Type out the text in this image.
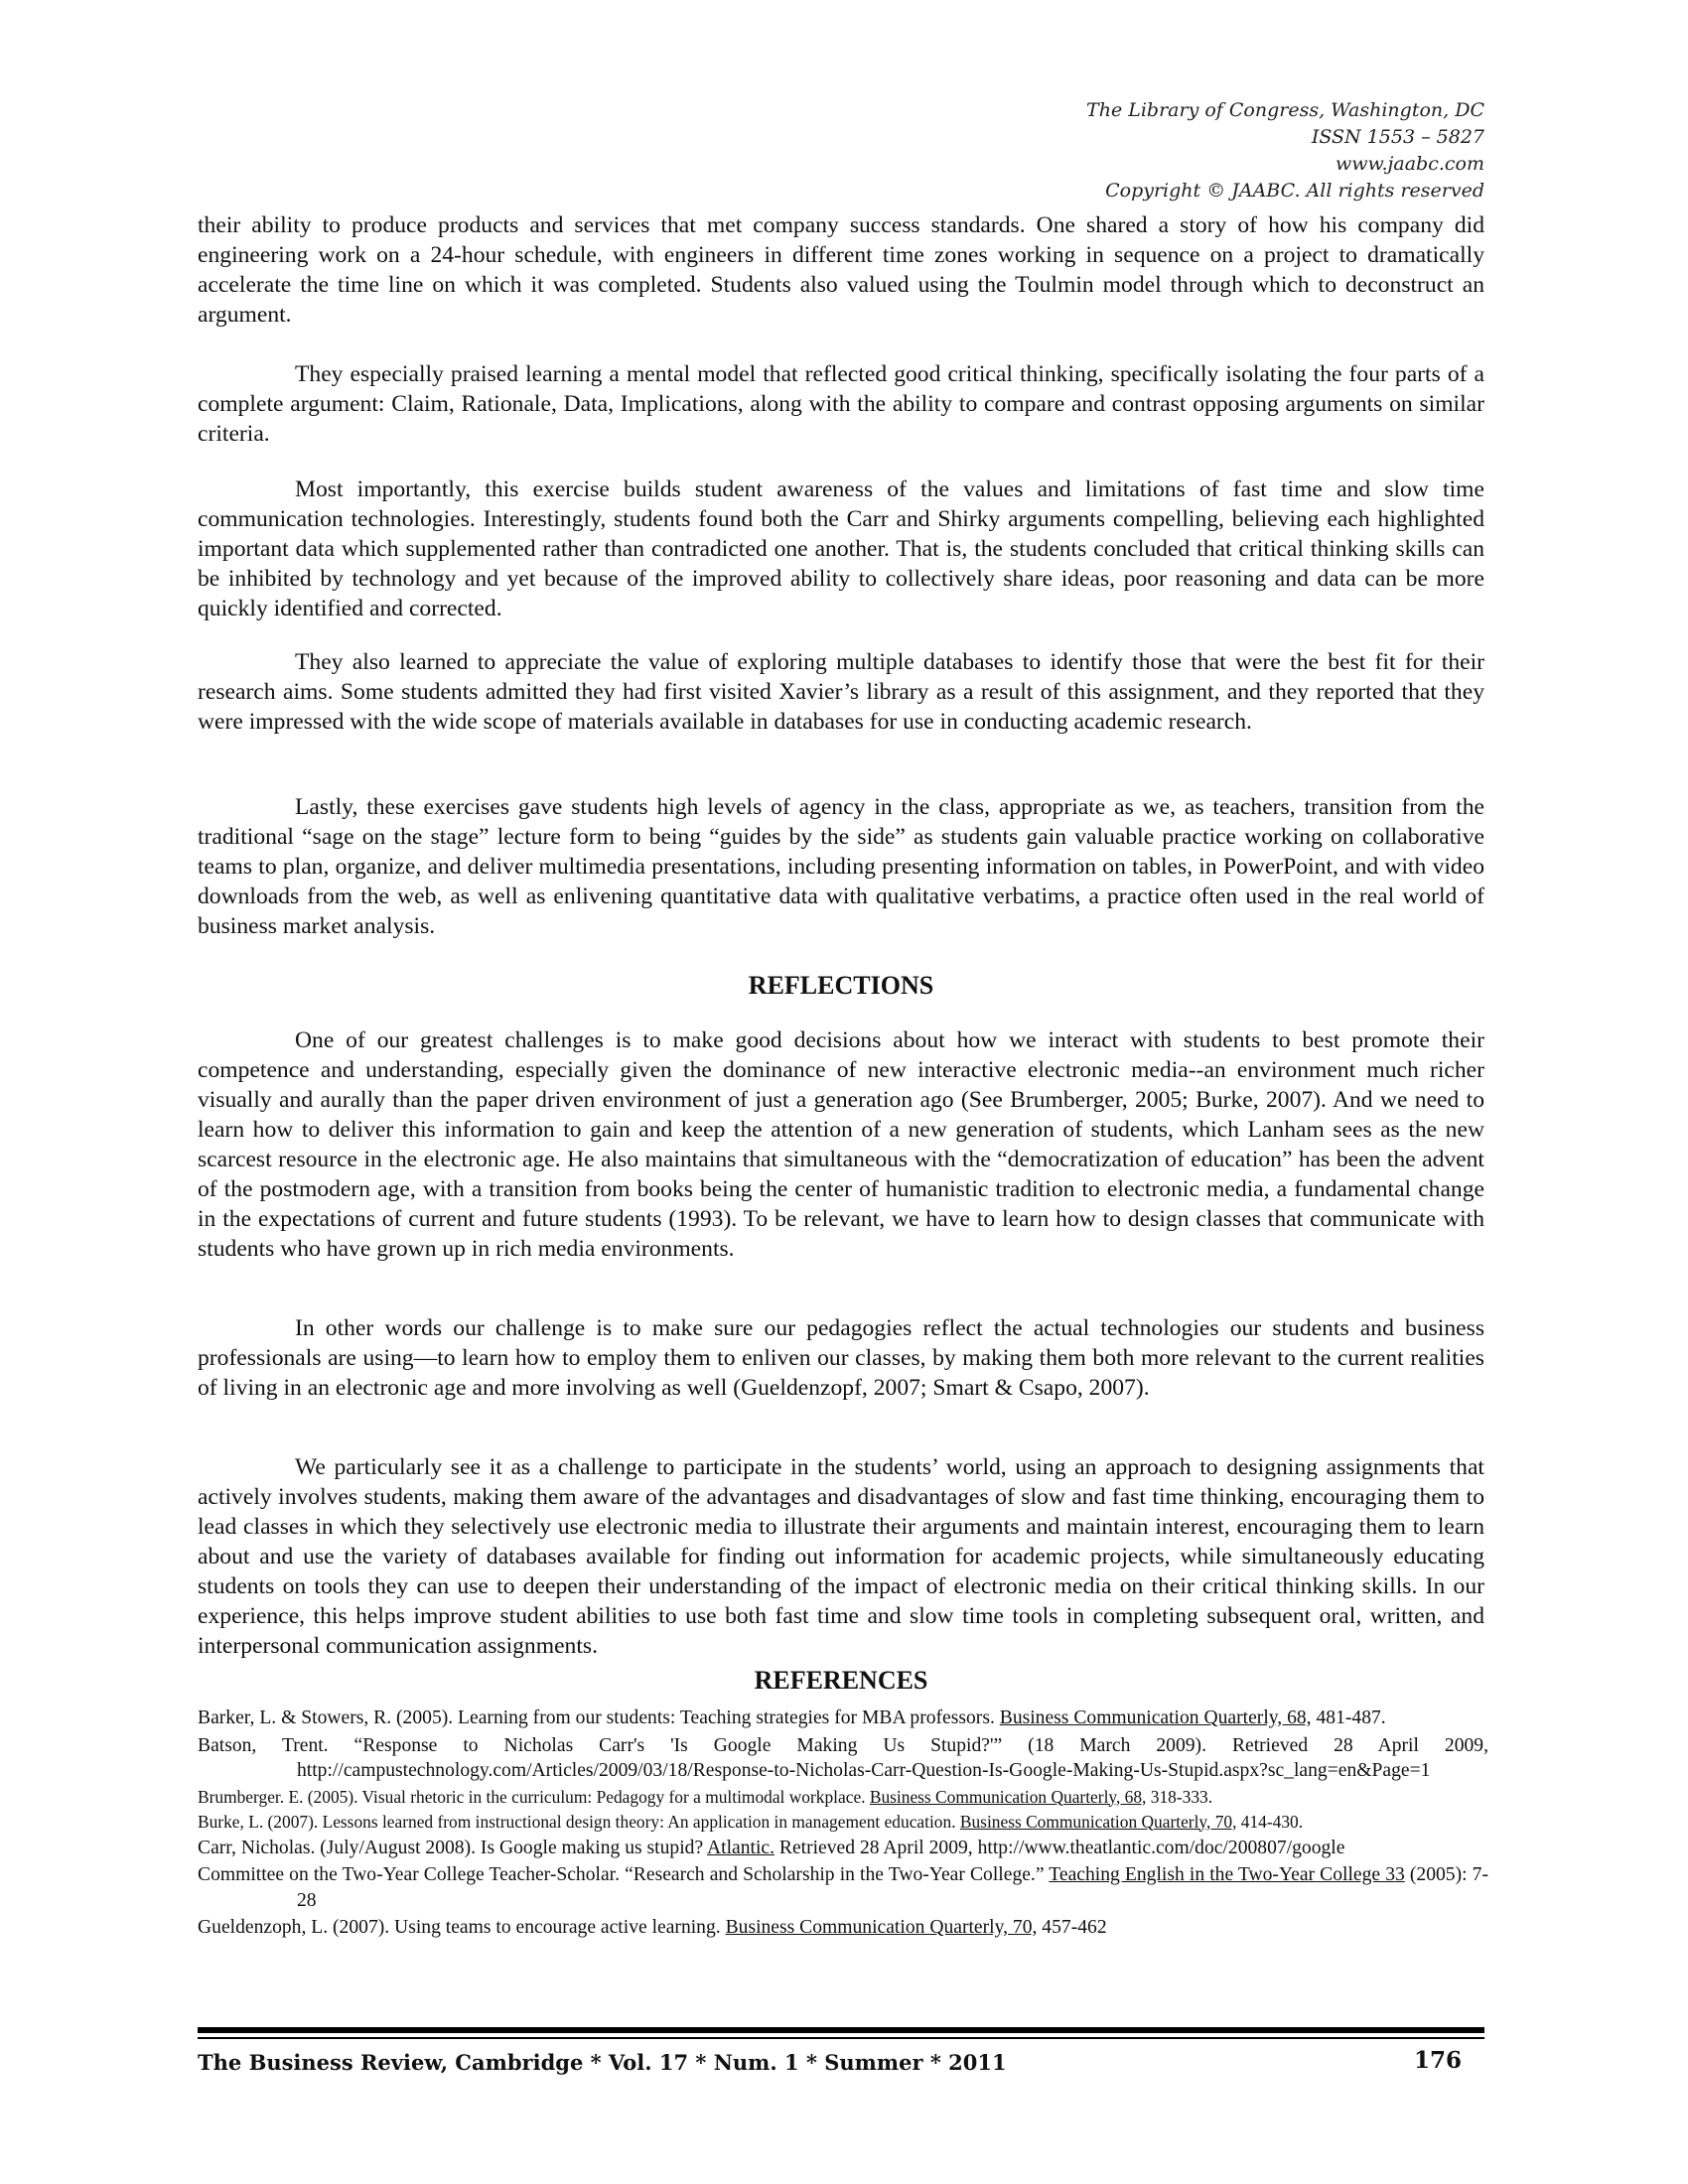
The Library of Congress, Washington, DC
ISSN 1553 – 5827
www.jaabc.com
Copyright © JAABC. All rights reserved

their ability to produce products and services that met company success standards. One shared a story of how his company did engineering work on a 24-hour schedule, with engineers in different time zones working in sequence on a project to dramatically accelerate the time line on which it was completed. Students also valued using the Toulmin model through which to deconstruct an argument.

They especially praised learning a mental model that reflected good critical thinking, specifically isolating the four parts of a complete argument: Claim, Rationale, Data, Implications, along with the ability to compare and contrast opposing arguments on similar criteria.

Most importantly, this exercise builds student awareness of the values and limitations of fast time and slow time communication technologies. Interestingly, students found both the Carr and Shirky arguments compelling, believing each highlighted important data which supplemented rather than contradicted one another. That is, the students concluded that critical thinking skills can be inhibited by technology and yet because of the improved ability to collectively share ideas, poor reasoning and data can be more quickly identified and corrected.

They also learned to appreciate the value of exploring multiple databases to identify those that were the best fit for their research aims. Some students admitted they had first visited Xavier’s library as a result of this assignment, and they reported that they were impressed with the wide scope of materials available in databases for use in conducting academic research.

Lastly, these exercises gave students high levels of agency in the class, appropriate as we, as teachers, transition from the traditional “sage on the stage” lecture form to being “guides by the side” as students gain valuable practice working on collaborative teams to plan, organize, and deliver multimedia presentations, including presenting information on tables, in PowerPoint, and with video downloads from the web, as well as enlivening quantitative data with qualitative verbatims, a practice often used in the real world of business market analysis.

REFLECTIONS

One of our greatest challenges is to make good decisions about how we interact with students to best promote their competence and understanding, especially given the dominance of new interactive electronic media--an environment much richer visually and aurally than the paper driven environment of just a generation ago (See Brumberger, 2005; Burke, 2007). And we need to learn how to deliver this information to gain and keep the attention of a new generation of students, which Lanham sees as the new scarcest resource in the electronic age. He also maintains that simultaneous with the “democratization of education” has been the advent of the postmodern age, with a transition from books being the center of humanistic tradition to electronic media, a fundamental change in the expectations of current and future students (1993). To be relevant, we have to learn how to design classes that communicate with students who have grown up in rich media environments.

In other words our challenge is to make sure our pedagogies reflect the actual technologies our students and business professionals are using—to learn how to employ them to enliven our classes, by making them both more relevant to the current realities of living in an electronic age and more involving as well (Gueldenzopf, 2007; Smart & Csapo, 2007).

We particularly see it as a challenge to participate in the students’ world, using an approach to designing assignments that actively involves students, making them aware of the advantages and disadvantages of slow and fast time thinking, encouraging them to lead classes in which they selectively use electronic media to illustrate their arguments and maintain interest, encouraging them to learn about and use the variety of databases available for finding out information for academic projects, while simultaneously educating students on tools they can use to deepen their understanding of the impact of electronic media on their critical thinking skills. In our experience, this helps improve student abilities to use both fast time and slow time tools in completing subsequent oral, written, and interpersonal communication assignments.

REFERENCES
Barker, L. & Stowers, R. (2005). Learning from our students: Teaching strategies for MBA professors. Business Communication Quarterly, 68, 481-487.
Batson, Trent. “Response to Nicholas Carr's 'Is Google Making Us Stupid?'” (18 March 2009). Retrieved 28 April 2009, http://campustechnology.com/Articles/2009/03/18/Response-to-Nicholas-Carr-Question-Is-Google-Making-Us-Stupid.aspx?sc_lang=en&Page=1
Brumberger. E. (2005). Visual rhetoric in the curriculum: Pedagogy for a multimodal workplace. Business Communication Quarterly, 68, 318-333.
Burke, L. (2007). Lessons learned from instructional design theory: An application in management education. Business Communication Quarterly, 70, 414-430.
Carr, Nicholas. (July/August 2008). Is Google making us stupid? Atlantic. Retrieved 28 April 2009, http://www.theatlantic.com/doc/200807/google
Committee on the Two-Year College Teacher-Scholar. “Research and Scholarship in the Two-Year College.” Teaching English in the Two-Year College 33 (2005): 7-28
Gueldenzoph, L. (2007). Using teams to encourage active learning. Business Communication Quarterly, 70, 457-462
The Business Review, Cambridge * Vol. 17 * Num. 1 * Summer * 2011	176
